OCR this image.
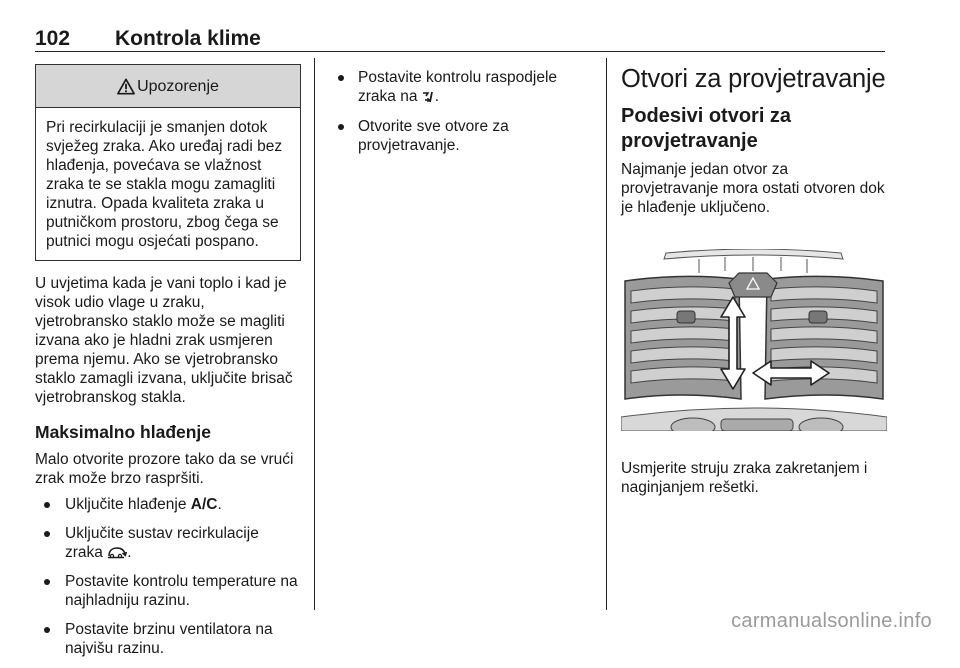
102 Kontrola klime
Upozorenje
Pri recirkulaciji je smanjen dotok svježeg zraka. Ako uređaj radi bez hlađenja, povećava se vlažnost zraka te se stakla mogu zamagliti iznutra. Opada kvaliteta zraka u putničkom prostoru, zbog čega se putnici mogu osjećati pospano.

U uvjetima kada je vani toplo i kad je visok udio vlage u zraku, vjetrobransko staklo može se magliti izvana ako je hladni zrak usmjeren prema njemu. Ako se vjetrobransko staklo zamagli izvana, uključite brisač vjetrobranskog stakla.

Maksimalno hlađenje

Malo otvorite prozore tako da se vrući zrak može brzo raspršiti.

Uključite hlađenje A/C.
Uključite sustav recirkulacije zraka .
Postavite kontrolu temperature na najhladniju razinu.
Postavite brzinu ventilatora na najvišu razinu.
Postavite kontrolu raspodjele zraka na .
Otvorite sve otvore za provjetravanje.
Otvori za provjetravanje
Podesivi otvori za provjetravanje

Najmanje jedan otvor za provjetravanje mora ostati otvoren dok je hlađenje uključeno.

Usmjerite struju zraka zakretanjem i naginjanjem rešetki.

carmanualsonline.info
